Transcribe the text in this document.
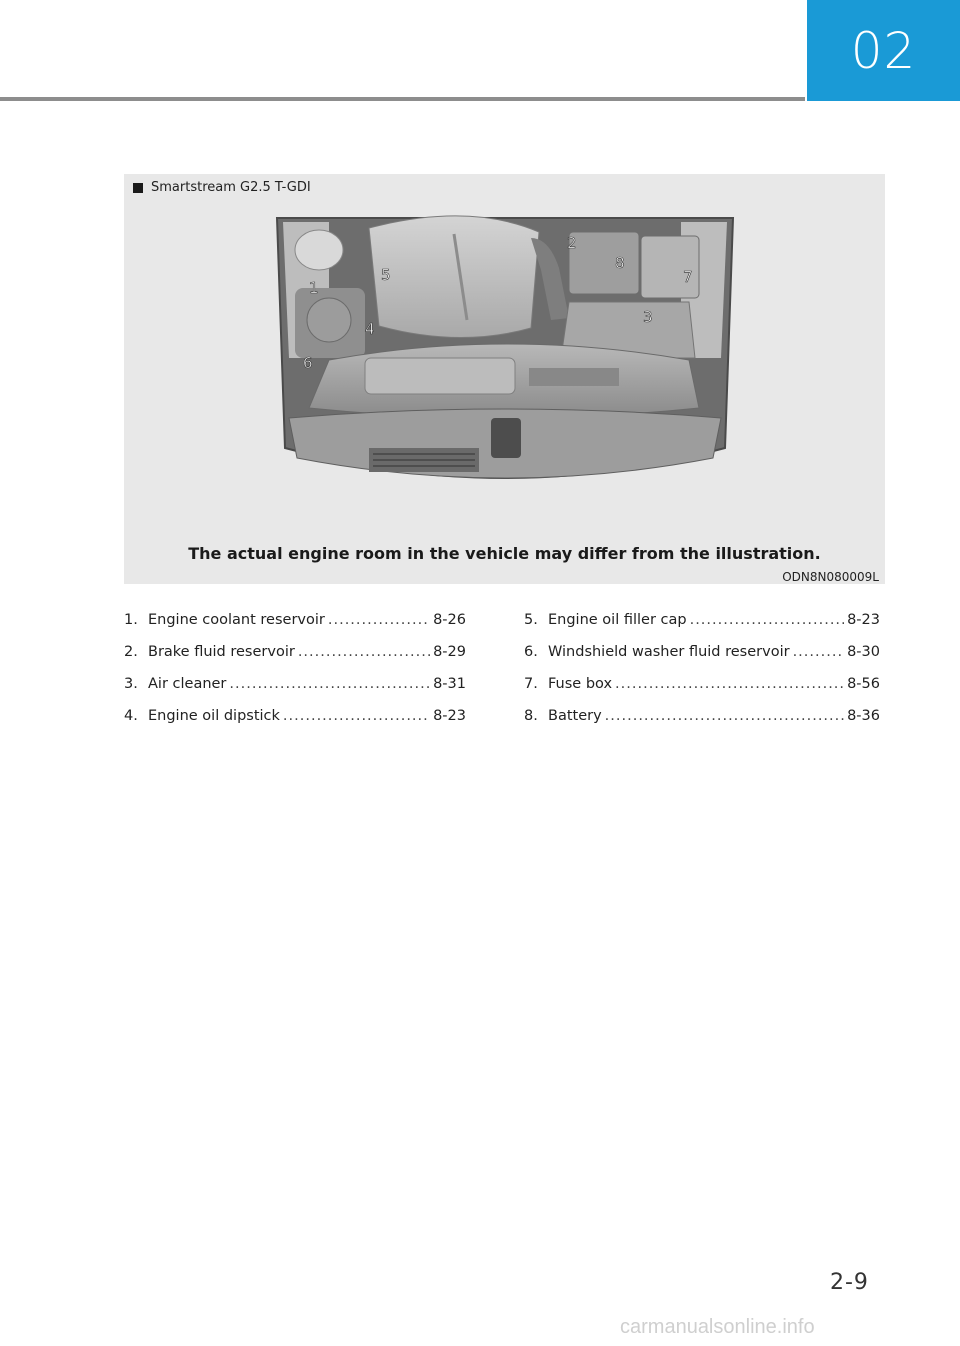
02
Smartstream G2.5 T-GDI
1
2
3
4
5
6
7
8
The actual engine room in the vehicle may differ from the illustration.
ODN8N080009L
1. Engine coolant reservoir .....	8-26
2. Brake fluid reservoir .....	8-29
3. Air cleaner .....	8-31
4. Engine oil dipstick .....	8-23
5. Engine oil filler cap .....	8-23
6. Windshield washer fluid reservoir .....	8-30
7. Fuse box .....	8-56
8. Battery .....	8-36
2-9
carmanualsonline.info
